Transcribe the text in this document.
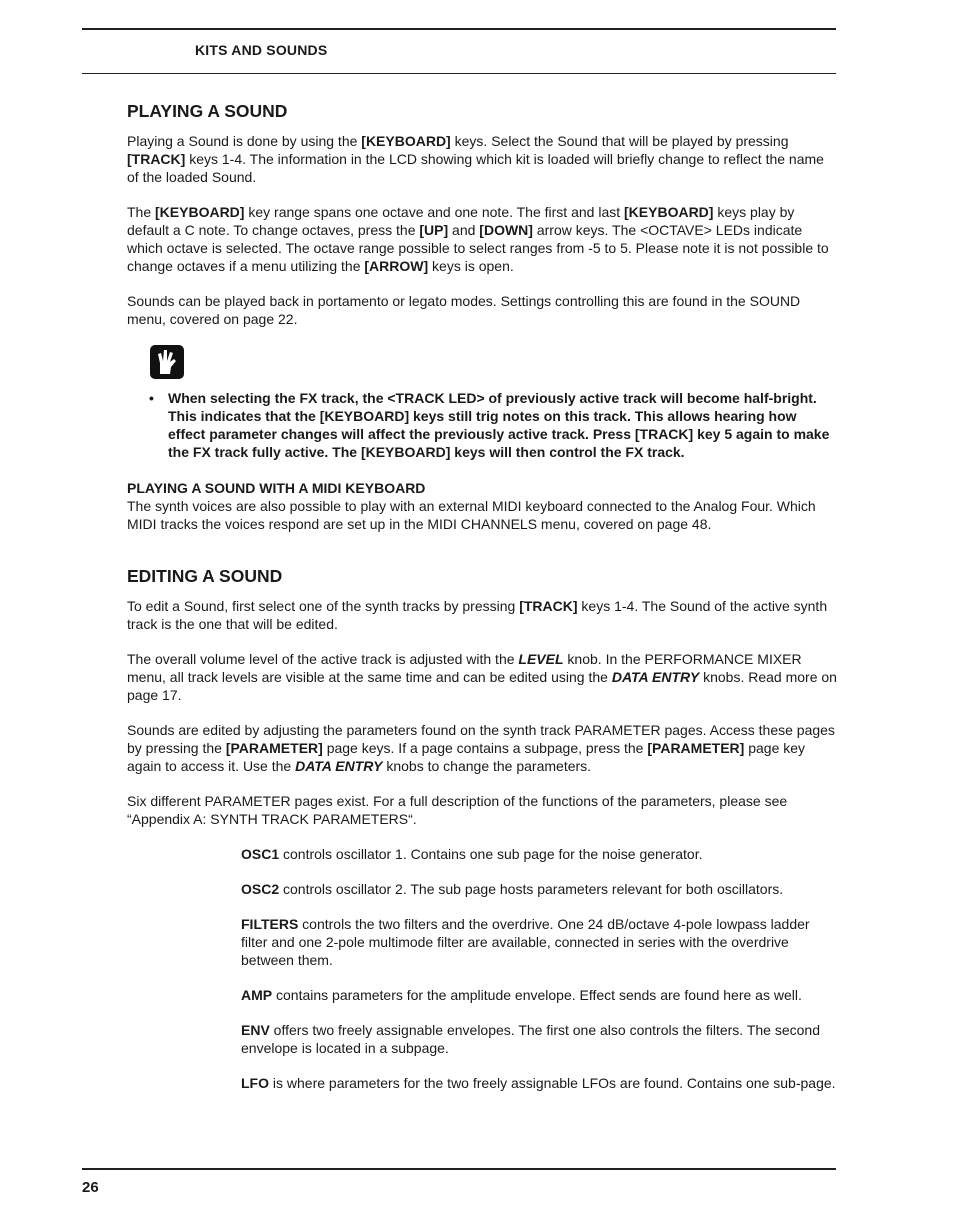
KITS AND SOUNDS
PLAYING A SOUND

Playing a Sound is done by using the [KEYBOARD] keys. Select the Sound that will be played by pressing [TRACK] keys 1-4. The information in the LCD showing which kit is loaded will briefly change to reflect the name of the loaded Sound.

The [KEYBOARD] key range spans one octave and one note. The first and last [KEYBOARD] keys play by default a C note. To change octaves, press the [UP] and [DOWN] arrow keys. The <OCTAVE> LEDs indicate which octave is selected. The octave range possible to select ranges from -5 to 5. Please note it is not possible to change octaves if a menu utilizing the [ARROW] keys is open.

Sounds can be played back in portamento or legato modes. Settings controlling this are found in the SOUND menu, covered on page 22.

• When selecting the FX track, the <TRACK LED> of previously active track will become half-bright. This indicates that the [KEYBOARD] keys still trig notes on this track. This allows hearing how effect parameter changes will affect the previously active track. Press [TRACK] key 5 again to make the FX track fully active. The [KEYBOARD] keys will then control the FX track.
PLAYING A SOUND WITH A MIDI KEYBOARD

The synth voices are also possible to play with an external MIDI keyboard connected to the Analog Four. Which MIDI tracks the voices respond are set up in the MIDI CHANNELS menu, covered on page 48.

EDITING A SOUND

To edit a Sound, first select one of the synth tracks by pressing [TRACK] keys 1-4. The Sound of the active synth track is the one that will be edited.

The overall volume level of the active track is adjusted with the LEVEL knob. In the PERFORMANCE MIXER menu, all track levels are visible at the same time and can be edited using the DATA ENTRY knobs. Read more on page 17.

Sounds are edited by adjusting the parameters found on the synth track PARAMETER pages. Access these pages by pressing the [PARAMETER] page keys. If a page contains a subpage, press the [PARAMETER] page key again to access it. Use the DATA ENTRY knobs to change the parameters.

Six different PARAMETER pages exist. For a full description of the functions of the parameters, please see “Appendix A: SYNTH TRACK PARAMETERS“.

OSC1 controls oscillator 1. Contains one sub page for the noise generator.

OSC2 controls oscillator 2. The sub page hosts parameters relevant for both oscillators.

FILTERS controls the two filters and the overdrive. One 24 dB/octave 4-pole lowpass ladder filter and one 2-pole multimode filter are available, connected in series with the overdrive between them.

AMP contains parameters for the amplitude envelope. Effect sends are found here as well.

ENV offers two freely assignable envelopes. The first one also controls the filters. The second envelope is located in a subpage.

LFO is where parameters for the two freely assignable LFOs are found. Contains one sub-page.

26
